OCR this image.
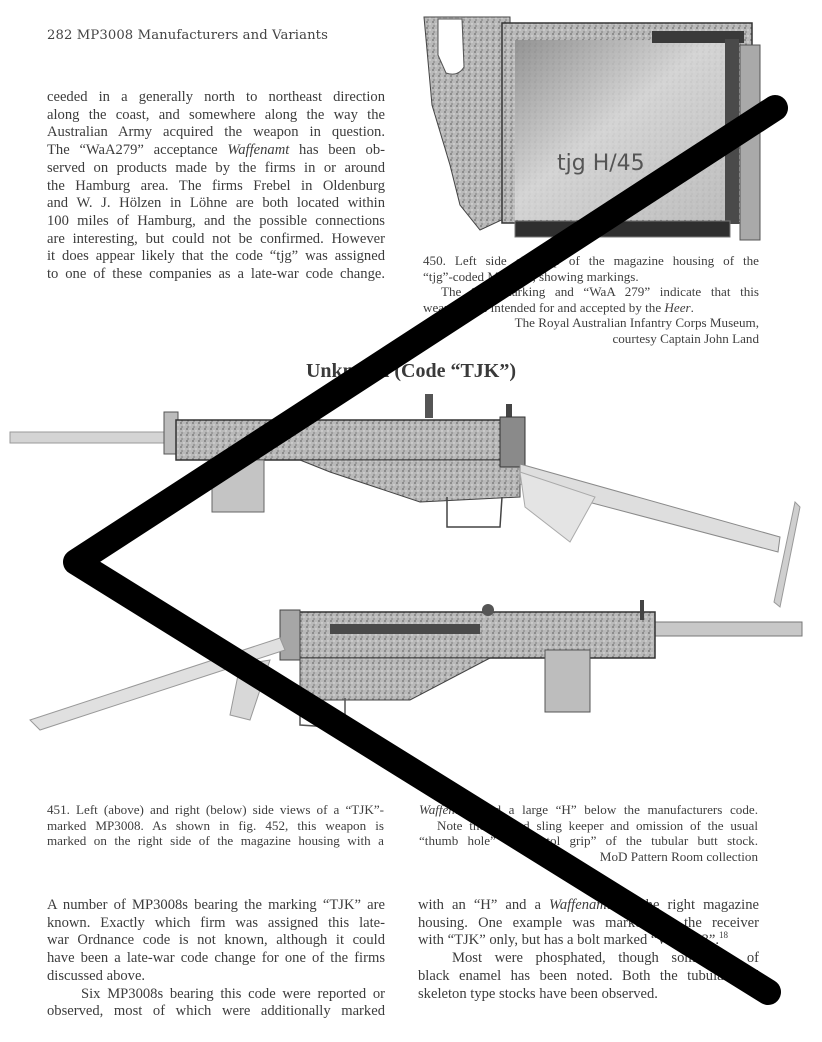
282 MP3008 Manufacturers and Variants
ceeded in a generally north to northeast direction
along the coast, and somewhere along the way the
Australian Army acquired the weapon in question.
The “WaA279” acceptance Waffenamt has been ob-
served on products made by the firms in or around
the Hamburg area. The firms Frebel in Oldenburg
and W. J. Hölzen in Löhne are both located within
100 miles of Hamburg, and the possible connections
are interesting, but could not be confirmed. However
it does appear likely that the code “tjg” was assigned
to one of these companies as a late-war code change.
tjg H/45

450. Left side close-up of the magazine housing of the

“tjg”-coded MP3008, showing markings.

The “H” marking and “WaA 279” indicate that this

weapon was intended for and accepted by the Heer.

The Royal Australian Infantry Corps Museum,

courtesy Captain John Land

Unknown (Code “TJK”)

451. Left (above) and right (below) side views of a “TJK”-

marked MP3008. As shown in fig. 452, this weapon is

marked on the right side of the magazine housing with a

Waffenamt and a large “H” below the manufacturers code.

Note the welded sling keeper and omission of the usual

“thumb hole” or “pistol grip” of the tubular butt stock.

MoD Pattern Room collection

A number of MP3008s bearing the marking “TJK” are
known. Exactly which firm was assigned this late-
war Ordnance code is not known, although it could
have been a late-war code change for one of the firms
discussed above.
Six MP3008s bearing this code were reported or
observed, most of which were additionally marked
with an “H” and a Waffenamt on the right magazine
housing. One example was marked on the receiver
with “TJK” only, but has a bolt marked “WaA383”.$^{18}$
Most were phosphated, though some use of
black enamel has been noted. Both the tubular and
skeleton type stocks have been observed.
